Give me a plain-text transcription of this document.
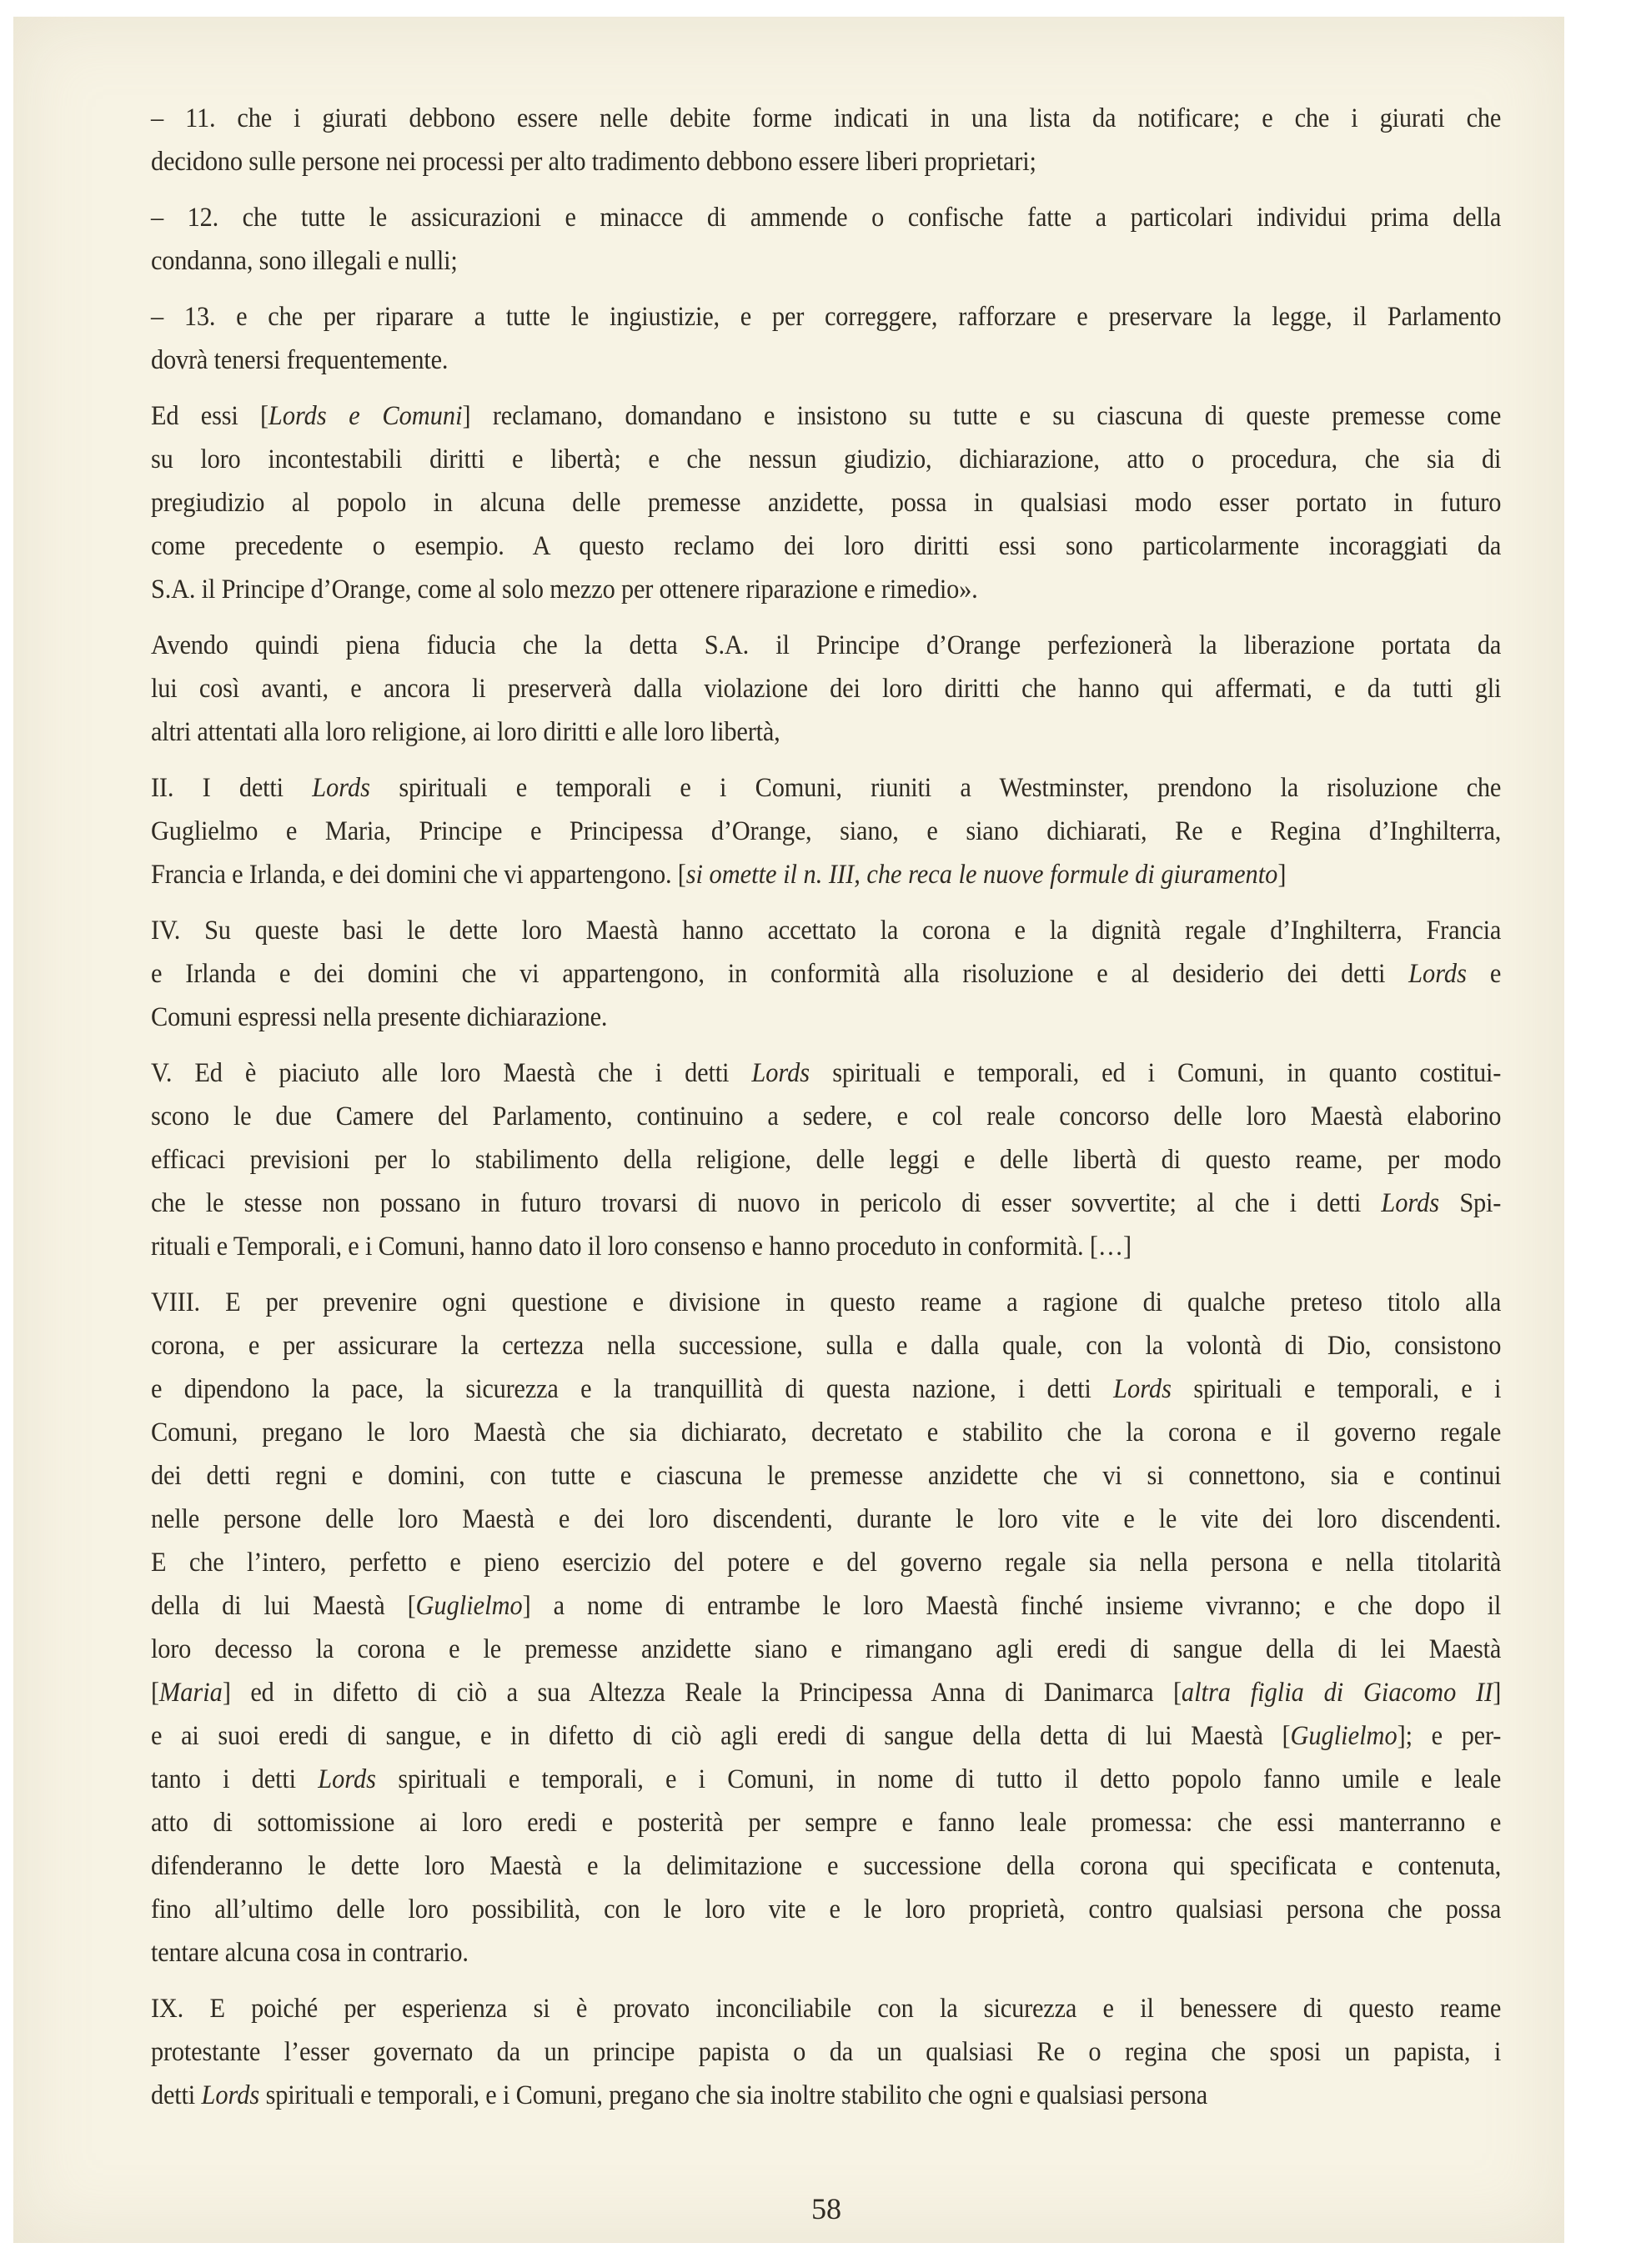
– 11. che i giurati debbono essere nelle debite forme indicati in una lista da notificare; e che i giurati che
decidono sulle persone nei processi per alto tradimento debbono essere liberi proprietari;

– 12. che tutte le assicurazioni e minacce di ammende o confische fatte a particolari individui prima della
condanna, sono illegali e nulli;

– 13. e che per riparare a tutte le ingiustizie, e per correggere, rafforzare e preservare la legge, il Parlamento
dovrà tenersi frequentemente.

Ed essi [Lords e Comuni] reclamano, domandano e insistono su tutte e su ciascuna di queste premesse come
su loro incontestabili diritti e libertà; e che nessun giudizio, dichiarazione, atto o procedura, che sia di
pregiudizio al popolo in alcuna delle premesse anzidette, possa in qualsiasi modo esser portato in futuro
come precedente o esempio. A questo reclamo dei loro diritti essi sono particolarmente incoraggiati da
S.A. il Principe d’Orange, come al solo mezzo per ottenere riparazione e rimedio».

Avendo quindi piena fiducia che la detta S.A. il Principe d’Orange perfezionerà la liberazione portata da
lui così avanti, e ancora li preserverà dalla violazione dei loro diritti che hanno qui affermati, e da tutti gli
altri attentati alla loro religione, ai loro diritti e alle loro libertà,

II. I detti Lords spirituali e temporali e i Comuni, riuniti a Westminster, prendono la risoluzione che
Guglielmo e Maria, Principe e Principessa d’Orange, siano, e siano dichiarati, Re e Regina d’Inghilterra,
Francia e Irlanda, e dei domini che vi appartengono. [si omette il n. III, che reca le nuove formule di giuramento]

IV. Su queste basi le dette loro Maestà hanno accettato la corona e la dignità regale d’Inghilterra, Francia
e Irlanda e dei domini che vi appartengono, in conformità alla risoluzione e al desiderio dei detti Lords e
Comuni espressi nella presente dichiarazione.

V. Ed è piaciuto alle loro Maestà che i detti Lords spirituali e temporali, ed i Comuni, in quanto costitui-
scono le due Camere del Parlamento, continuino a sedere, e col reale concorso delle loro Maestà elaborino
efficaci previsioni per lo stabilimento della religione, delle leggi e delle libertà di questo reame, per modo
che le stesse non possano in futuro trovarsi di nuovo in pericolo di esser sovvertite; al che i detti Lords Spi-
rituali e Temporali, e i Comuni, hanno dato il loro consenso e hanno proceduto in conformità. […]

VIII. E per prevenire ogni questione e divisione in questo reame a ragione di qualche preteso titolo alla
corona, e per assicurare la certezza nella successione, sulla e dalla quale, con la volontà di Dio, consistono
e dipendono la pace, la sicurezza e la tranquillità di questa nazione, i detti Lords spirituali e temporali, e i
Comuni, pregano le loro Maestà che sia dichiarato, decretato e stabilito che la corona e il governo regale
dei detti regni e domini, con tutte e ciascuna le premesse anzidette che vi si connettono, sia e continui
nelle persone delle loro Maestà e dei loro discendenti, durante le loro vite e le vite dei loro discendenti.
E che l’intero, perfetto e pieno esercizio del potere e del governo regale sia nella persona e nella titolarità
della di lui Maestà [Guglielmo] a nome di entrambe le loro Maestà finché insieme vivranno; e che dopo il
loro decesso la corona e le premesse anzidette siano e rimangano agli eredi di sangue della di lei Maestà
[Maria] ed in difetto di ciò a sua Altezza Reale la Principessa Anna di Danimarca [altra figlia di Giacomo II]
e ai suoi eredi di sangue, e in difetto di ciò agli eredi di sangue della detta di lui Maestà [Guglielmo]; e per-
tanto i detti Lords spirituali e temporali, e i Comuni, in nome di tutto il detto popolo fanno umile e leale
atto di sottomissione ai loro eredi e posterità per sempre e fanno leale promessa: che essi manterranno e
difenderanno le dette loro Maestà e la delimitazione e successione della corona qui specificata e contenuta,
fino all’ultimo delle loro possibilità, con le loro vite e le loro proprietà, contro qualsiasi persona che possa
tentare alcuna cosa in contrario.

IX. E poiché per esperienza si è provato inconciliabile con la sicurezza e il benessere di questo reame
protestante l’esser governato da un principe papista o da un qualsiasi Re o regina che sposi un papista, i
detti Lords spirituali e temporali, e i Comuni, pregano che sia inoltre stabilito che ogni e qualsiasi persona

58
